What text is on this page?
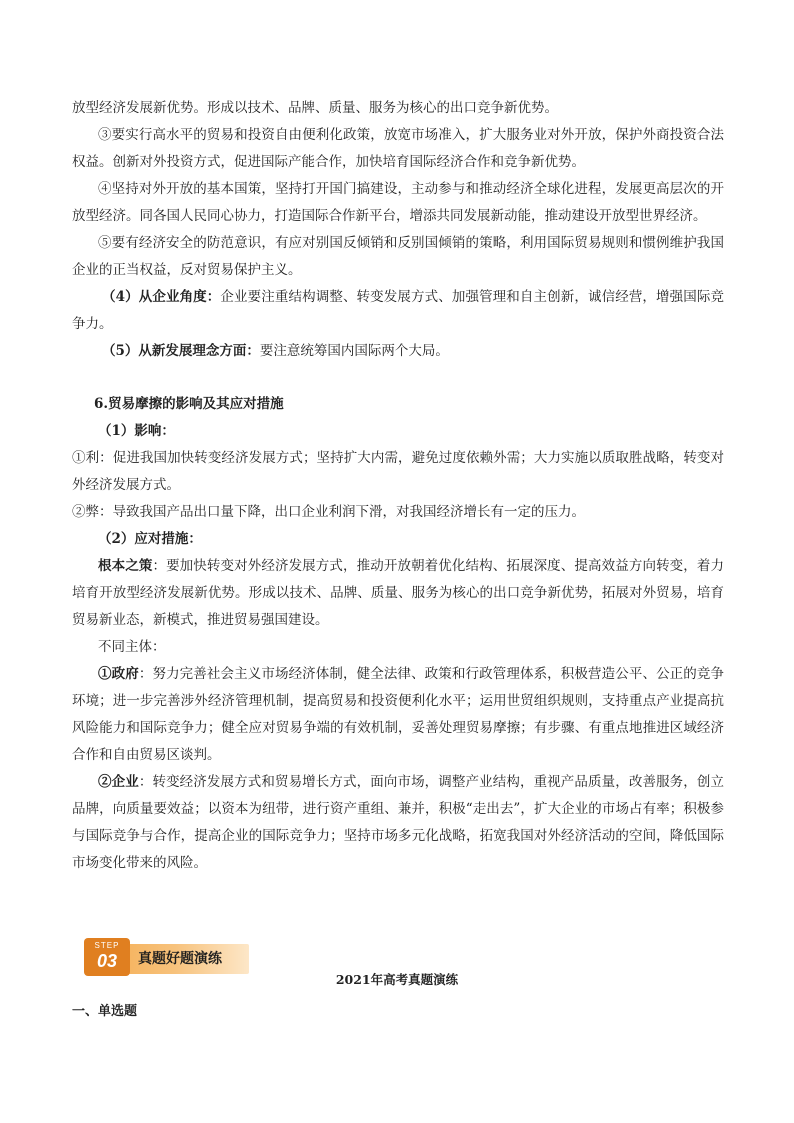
放型经济发展新优势。形成以技术、品牌、质量、服务为核心的出口竞争新优势。

③要实行高水平的贸易和投资自由便利化政策，放宽市场准入，扩大服务业对外开放，保护外商投资合法权益。创新对外投资方式，促进国际产能合作，加快培育国际经济合作和竞争新优势。

④坚持对外开放的基本国策，坚持打开国门搞建设，主动参与和推动经济全球化进程，发展更高层次的开放型经济。同各国人民同心协力，打造国际合作新平台，增添共同发展新动能，推动建设开放型世界经济。

⑤要有经济安全的防范意识，有应对别国反倾销和反别国倾销的策略，利用国际贸易规则和惯例维护我国企业的正当权益，反对贸易保护主义。

（4）从企业角度：企业要注重结构调整、转变发展方式、加强管理和自主创新，诚信经营，增强国际竞争力。

（5）从新发展理念方面：要注意统筹国内国际两个大局。

6.贸易摩擦的影响及其应对措施

（1）影响：

①利：促进我国加快转变经济发展方式；坚持扩大内需，避免过度依赖外需；大力实施以质取胜战略，转变对外经济发展方式。

②弊：导致我国产品出口量下降，出口企业利润下滑，对我国经济增长有一定的压力。

（2）应对措施：

根本之策：要加快转变对外经济发展方式，推动开放朝着优化结构、拓展深度、提高效益方向转变，着力培育开放型经济发展新优势。形成以技术、品牌、质量、服务为核心的出口竞争新优势，拓展对外贸易，培育贸易新业态，新模式，推进贸易强国建设。

不同主体：

①政府：努力完善社会主义市场经济体制，健全法律、政策和行政管理体系，积极营造公平、公正的竞争环境；进一步完善涉外经济管理机制，提高贸易和投资便利化水平；运用世贸组织规则，支持重点产业提高抗风险能力和国际竞争力；健全应对贸易争端的有效机制，妥善处理贸易摩擦；有步骤、有重点地推进区域经济合作和自由贸易区谈判。

②企业：转变经济发展方式和贸易增长方式，面向市场，调整产业结构，重视产品质量，改善服务，创立品牌，向质量要效益；以资本为纽带，进行资产重组、兼并，积极“走出去”，扩大企业的市场占有率；积极参与国际竞争与合作，提高企业的国际竞争力；坚持市场多元化战略，拓宽我国对外经济活动的空间，降低国际市场变化带来的风险。

STEP
03	真题好题演练
2021年高考真题演练
一、单选题
